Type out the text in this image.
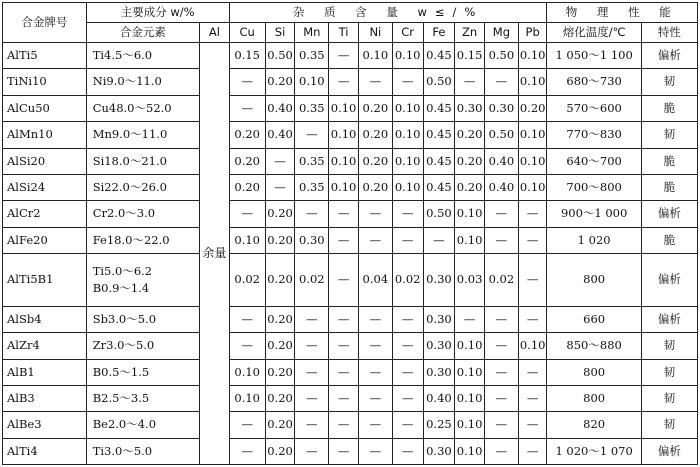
合金牌号	主要成分 w/%		杂 质 含 量 w≤/%										物 理 性 能	
	合金元素	Al	Cu	Si	Mn	Ti	Ni	Cr	Fe	Zn	Mg	Pb	熔化温度/℃	特性
AlTi5	Ti4.5～6.0	余量	0.15	0.50	0.35	—	0.10	0.10	0.45	0.15	0.50	0.10	1 050～1 100	偏析
TiNi10	Ni9.0～11.0		—	0.20	0.10	—	—	—	0.50	—	—	0.10	680～730	韧
AlCu50	Cu48.0～52.0		—	0.40	0.35	0.10	0.20	0.10	0.45	0.30	0.30	0.20	570～600	脆
AlMn10	Mn9.0～11.0		0.20	0.40	—	0.10	0.20	0.10	0.45	0.20	0.50	0.10	770～830	韧
AlSi20	Si18.0～21.0		0.20	—	0.35	0.10	0.20	0.10	0.45	0.20	0.40	0.10	640～700	脆
AlSi24	Si22.0～26.0		0.20	—	0.35	0.10	0.20	0.10	0.45	0.20	0.40	0.10	700～800	脆
AlCr2	Cr2.0～3.0		—	0.20	—	—	—	—	0.50	0.10	—	—	900～1 000	偏析
AlFe20	Fe18.0～22.0		0.10	0.20	0.30	—	—	—	—	0.10	—	—	1 020	脆
AlTi5B1	Ti5.0～6.2
B0.9～1.4		0.02	0.20	0.02	—	0.04	0.02	0.30	0.03	0.02	—	800	偏析
AlSb4	Sb3.0～5.0		—	0.20	—	—	—	—	0.30	—	—	—	660	偏析
AlZr4	Zr3.0～5.0		—	0.20	—	—	—	—	0.30	0.10	—	0.10	850～880	韧
AlB1	B0.5～1.5		0.10	0.20	—	—	—	—	0.30	0.10	—	—	800	韧
AlB3	B2.5～3.5		0.10	0.20	—	—	—	—	0.40	0.10	—	—	800	韧
AlBe3	Be2.0～4.0		—	0.20	—	—	—	—	0.25	0.10	—	—	820	韧
AlTi4	Ti3.0～5.0		—	0.20	—	—	—	—	0.30	0.10	—	—	1 020～1 070	偏析
